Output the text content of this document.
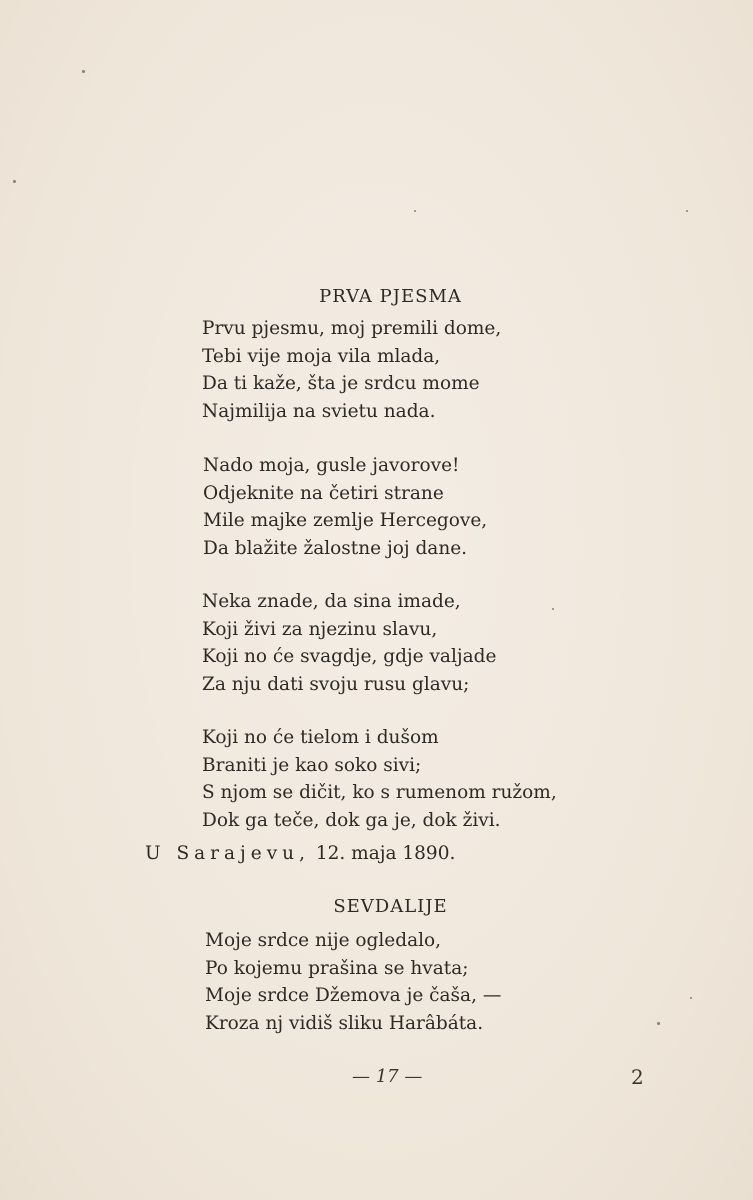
PRVA PJESMA
Prvu pjesmu, moj premili dome,
Tebi vije moja vila mlada,
Da ti kaže, šta je srdcu mome
Najmilija na svietu nada.
Nado moja, gusle javorove!
Odjeknite na četiri strane
Mile majke zemlje Hercegove,
Da blažite žalostne joj dane.
Neka znade, da sina imade,
Koji živi za njezinu slavu,
Koji no će svagdje, gdje valjade
Za nju dati svoju rusu glavu;
Koji no će tielom i dušom
Braniti je kao soko sivi;
S njom se dičit, ko s rumenom ružom,
Dok ga teče, dok ga je, dok živi.
U Sarajevu, 12. maja 1890.
SEVDALIJE
Moje srdce nije ogledalo,
Po kojemu prašina se hvata;
Moje srdce Džemova je čaša, —
Kroza nj vidiš sliku Harâbáta.
— 17 —	2
